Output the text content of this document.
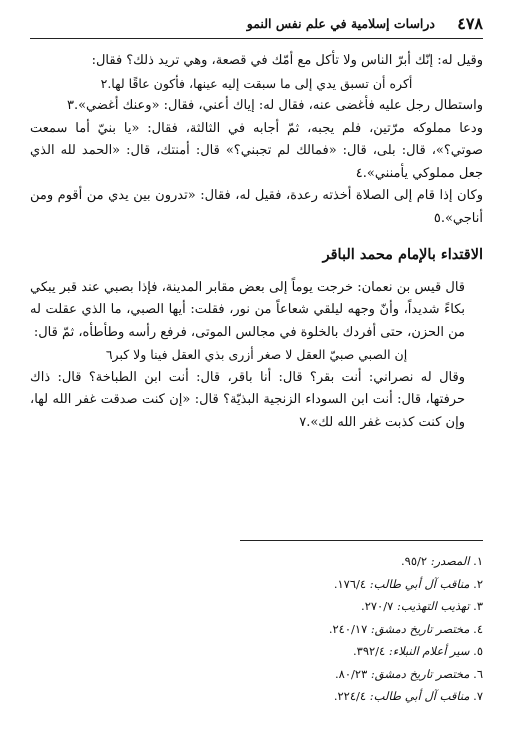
٤٧٨
دراسات إسلامية في علم نفس النمو

وقيل له: إنّك أبرّ الناس ولا تأكل مع أمّك في قصعة، وهي تريد ذلك؟ فقال:

أكره أن تسبق يدي إلى ما سبقت إليه عينها، فأكون عاقًا لها.٢

واستطال رجل عليه فأغضى عنه، فقال له: إياك أعني، فقال: «وعنك أغضي».٣

ودعا مملوكه مرّتين، فلم يجبه، ثمّ أجابه في الثالثة، فقال: «يا بنيّ أما سمعت صوتي؟»، قال: بلى، قال: «فمالك لم تجبني؟» قال: أمنتك، قال: «الحمد لله الذي جعل مملوكي يأمنني».٤

وكان إذا قام إلى الصلاة أخذته رعدة، فقيل له، فقال: «تدرون بين يدي من أقوم ومن أناجي».٥

الاقتداء بالإمام محمد الباقر

قال قيس بن نعمان: خرجت يوماً إلى بعض مقابر المدينة، فإذا بصبي عند قبر يبكي بكاءً شديداً، وأنّ وجهه ليلقي شعاعاً من نور، فقلت: أيها الصبي، ما الذي عقلت له من الحزن، حتى أفردك بالخلوة في مجالس الموتى، فرفع رأسه وطأطأه، ثمّ قال:

إن الصبي صبيّ العقل لا صغر أزرى بذي العقل فينا ولا كبر٦

وقال له نصراني: أنت بقر؟ قال: أنا باقر، قال: أنت ابن الطباخة؟ قال: ذاك حرفتها، قال: أنت ابن السوداء الزنجية البذيّة؟ قال: «إن كنت صدقت غفر الله لها، وإن كنت كذبت غفر الله لك».٧

١. المصدر: ٩٥/٢.
٢. مناقب آل أبي طالب: ١٧٦/٤.
٣. تهذيب التهذيب: ٢٧٠/٧.
٤. مختصر تاريخ دمشق: ٢٤٠/١٧.
٥. سير أعلام النبلاء: ٣٩٢/٤.
٦. مختصر تاريخ دمشق: ٨٠/٢٣.
٧. مناقب آل أبي طالب: ٢٢٤/٤.
